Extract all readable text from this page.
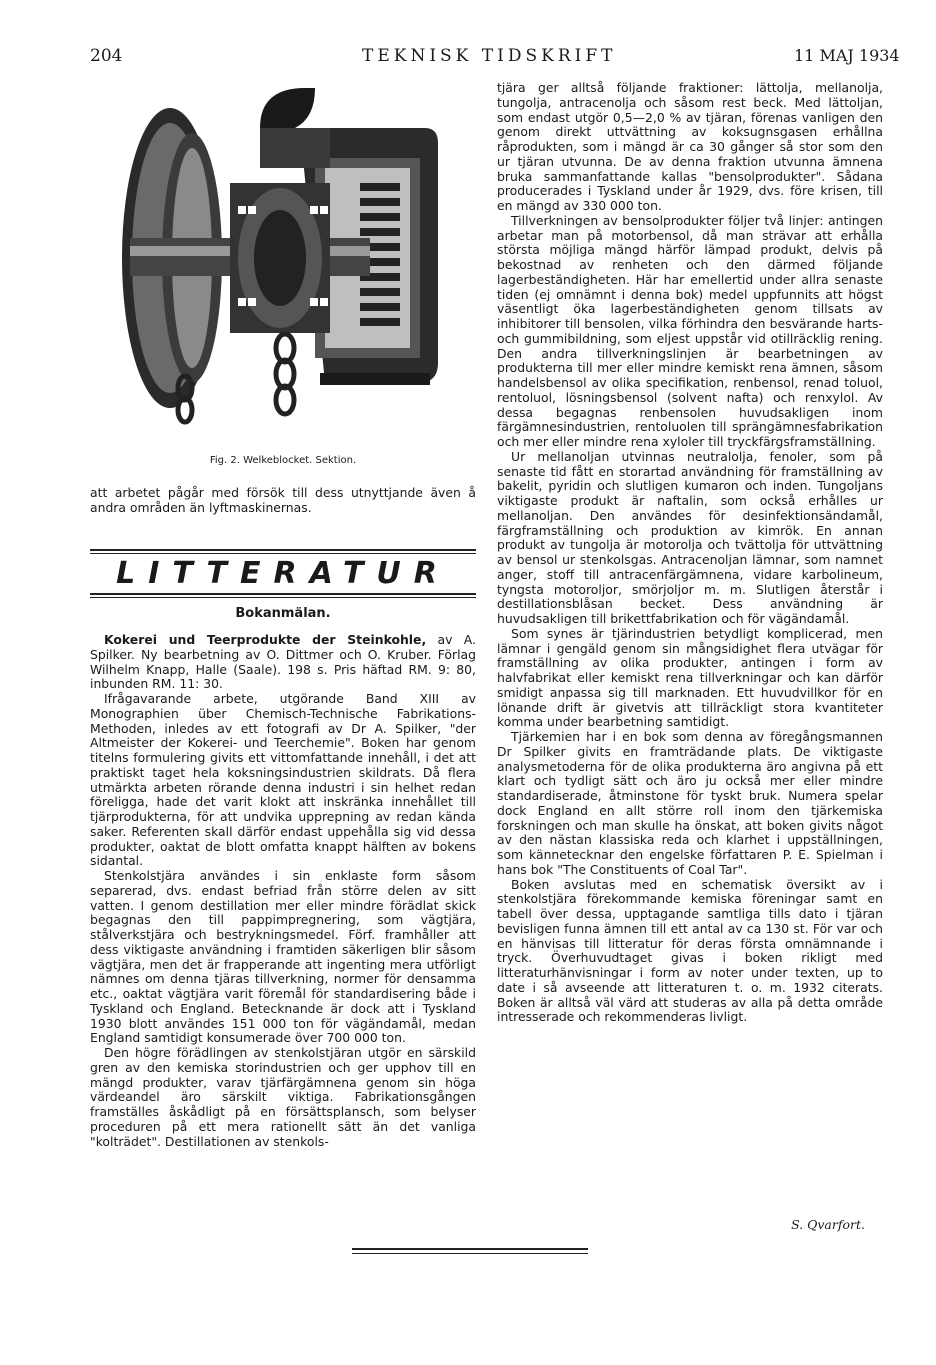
204	TEKNISK TIDSKRIFT	11 MAJ 1934
Fig. 2. Welkeblocket. Sektion.

att arbetet pågår med försök till dess utnyttjande även å andra områden än lyftmaskinernas.

LITTERATUR
Bokanmälan.

Kokerei und Teerprodukte der Steinkohle, av A. Spilker. Ny bearbetning av O. Dittmer och O. Kruber. Förlag Wilhelm Knapp, Halle (Saale). 198 s. Pris häftad RM. 9: 80, inbunden RM. 11: 30.

Ifrågavarande arbete, utgörande Band XIII av Monographien über Chemisch-Technische Fabrikations-Methoden, inledes av ett fotografi av Dr A. Spilker, "der Altmeister der Kokerei- und Teerchemie". Boken har genom titelns formulering givits ett vittomfattande innehåll, i det att praktiskt taget hela koksningsindustrien skildrats. Då flera utmärkta arbeten rörande denna industri i sin helhet redan föreligga, hade det varit klokt att inskränka innehållet till tjärprodukterna, för att undvika upprepning av redan kända saker. Referenten skall därför endast uppehålla sig vid dessa produkter, oaktat de blott omfatta knappt hälften av bokens sidantal.

Stenkolstjära användes i sin enklaste form såsom separerad, dvs. endast befriad från större delen av sitt vatten. I genom destillation mer eller mindre förädlat skick begagnas den till pappimpregnering, som vägtjära, stålverkstjära och bestrykningsmedel. Förf. framhåller att dess viktigaste användning i framtiden säkerligen blir såsom vägtjära, men det är frapperande att ingenting mera utförligt nämnes om denna tjäras tillverkning, normer för densamma etc., oaktat vägtjära varit föremål för standardisering både i Tyskland och England. Betecknande är dock att i Tyskland 1930 blott användes 151 000 ton för vägändamål, medan England samtidigt konsumerade över 700 000 ton.

Den högre förädlingen av stenkolstjäran utgör en särskild gren av den kemiska storindustrien och ger upphov till en mängd produkter, varav tjärfärgämnena genom sin höga värdeandel äro särskilt viktiga. Fabrikationsgången framställes åskådligt på en försättsplansch, som belyser proceduren på ett mera rationellt sätt än det vanliga "kolträdet". Destillationen av stenkols-

tjära ger alltså följande fraktioner: lättolja, mellanolja, tungolja, antracenolja och såsom rest beck. Med lättoljan, som endast utgör 0,5—2,0 % av tjäran, förenas vanligen den genom direkt uttvättning av koksugnsgasen erhållna råprodukten, som i mängd är ca 30 gånger så stor som den ur tjäran utvunna. De av denna fraktion utvunna ämnena bruka sammanfattande kallas "bensolprodukter". Sådana producerades i Tyskland under år 1929, dvs. före krisen, till en mängd av 330 000 ton.

Tillverkningen av bensolprodukter följer två linjer: antingen arbetar man på motorbensol, då man strävar att erhålla största möjliga mängd härför lämpad produkt, delvis på bekostnad av renheten och den därmed följande lagerbeständigheten. Här har emellertid under allra senaste tiden (ej omnämnt i denna bok) medel uppfunnits att högst väsentligt öka lagerbeständigheten genom tillsats av inhibitorer till bensolen, vilka förhindra den besvärande harts- och gummibildning, som eljest uppstår vid otillräcklig rening. Den andra tillverkningslinjen är bearbetningen av produkterna till mer eller mindre kemiskt rena ämnen, såsom handelsbensol av olika specifikation, renbensol, renad toluol, rentoluol, lösningsbensol (solvent nafta) och renxylol. Av dessa begagnas renbensolen huvudsakligen inom färgämnesindustrien, rentoluolen till sprängämnesfabrikation och mer eller mindre rena xyloler till tryckfärgsframställning.

Ur mellanoljan utvinnas neutralolja, fenoler, som på senaste tid fått en storartad användning för framställning av bakelit, pyridin och slutligen kumaron och inden. Tungoljans viktigaste produkt är naftalin, som också erhålles ur mellanoljan. Den användes för desinfektionsändamål, färgframställning och produktion av kimrök. En annan produkt av tungolja är motorolja och tvättolja för uttvättning av bensol ur stenkolsgas. Antracenoljan lämnar, som namnet anger, stoff till antracenfärgämnena, vidare karbolineum, tyngsta motoroljor, smörjoljor m. m. Slutligen återstår i destillationsblåsan becket. Dess användning är huvudsakligen till brikettfabrikation och för vägändamål.

Som synes är tjärindustrien betydligt komplicerad, men lämnar i gengäld genom sin mångsidighet flera utvägar för framställning av olika produkter, antingen i form av halvfabrikat eller kemiskt rena tillverkningar och kan därför smidigt anpassa sig till marknaden. Ett huvudvillkor för en lönande drift är givetvis att tillräckligt stora kvantiteter komma under bearbetning samtidigt.

Tjärkemien har i en bok som denna av föregångsmannen Dr Spilker givits en framträdande plats. De viktigaste analysmetoderna för de olika produkterna äro angivna på ett klart och tydligt sätt och äro ju också mer eller mindre standardiserade, åtminstone för tyskt bruk. Numera spelar dock England en allt större roll inom den tjärkemiska forskningen och man skulle ha önskat, att boken givits något av den nästan klassiska reda och klarhet i uppställningen, som kännetecknar den engelske författaren P. E. Spielman i hans bok "The Constituents of Coal Tar".

Boken avslutas med en schematisk översikt av i stenkolstjära förekommande kemiska föreningar samt en tabell över dessa, upptagande samtliga tills dato i tjäran bevisligen funna ämnen till ett antal av ca 130 st. För var och en hänvisas till litteratur för deras första omnämnande i tryck. Överhuvudtaget givas i boken rikligt med litteraturhänvisningar i form av noter under texten, up to date i så avseende att litteraturen t. o. m. 1932 citerats. Boken är alltså väl värd att studeras av alla på detta område intresserade och rekommenderas livligt.

S. Qvarfort.
